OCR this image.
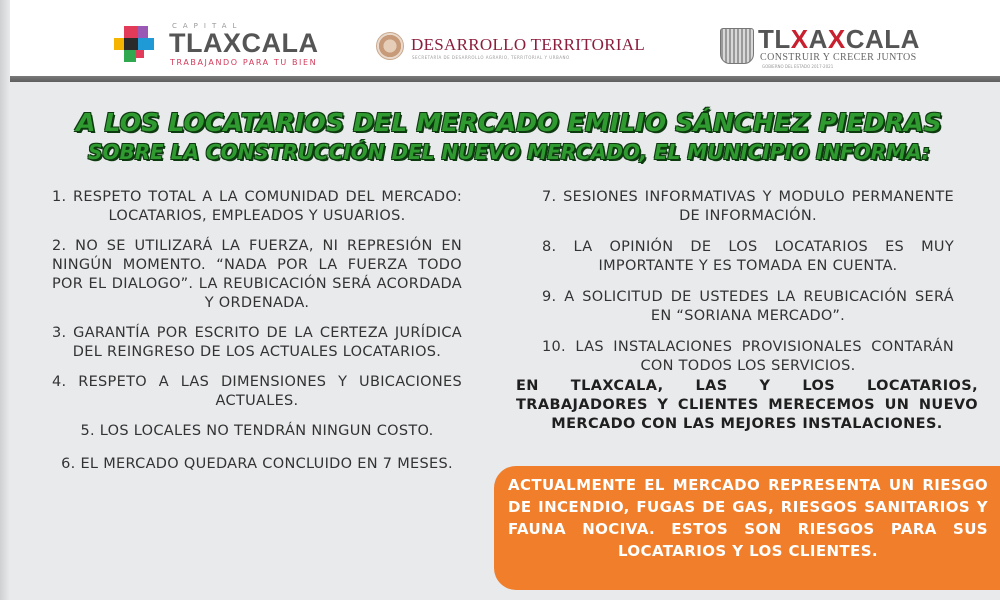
CAPITAL
TLAXCALA
TRABAJANDO PARA TU BIEN
DESARROLLO TERRITORIAL
SECRETARÍA DE DESARROLLO AGRARIO, TERRITORIAL Y URBANO
TLXAXCALA
CONSTRUIR Y CRECER JUNTOS
GOBIERNO DEL ESTADO 2017-2021
A LOS LOCATARIOS DEL MERCADO EMILIO SÁNCHEZ PIEDRAS
SOBRE LA CONSTRUCCIÓN DEL NUEVO MERCADO, EL MUNICIPIO INFORMA:
1. RESPETO TOTAL A LA COMUNIDAD DEL MERCADO: LOCATARIOS, EMPLEADOS Y USUARIOS.
2. NO SE UTILIZARÁ LA FUERZA, NI REPRESIÓN EN NINGÚN MOMENTO. “NADA POR LA FUERZA TODO POR EL DIALOGO”. LA REUBICACIÓN SERÁ ACORDADA Y ORDENADA.
3. GARANTÍA POR ESCRITO DE LA CERTEZA JURÍDICA DEL REINGRESO DE LOS ACTUALES LOCATARIOS.
4. RESPETO A LAS DIMENSIONES Y UBICACIONES ACTUALES.
5. LOS LOCALES NO TENDRÁN NINGUN COSTO.
6. EL MERCADO QUEDARA CONCLUIDO EN 7 MESES.
7. SESIONES INFORMATIVAS Y MODULO PERMANENTE DE INFORMACIÓN.
8. LA OPINIÓN DE LOS LOCATARIOS ES MUY IMPORTANTE Y ES TOMADA EN CUENTA.
9. A SOLICITUD DE USTEDES LA REUBICACIÓN SERÁ EN “SORIANA MERCADO”.
10. LAS INSTALACIONES PROVISIONALES CONTARÁN CON TODOS LOS SERVICIOS.
EN TLAXCALA, LAS Y LOS LOCATARIOS, TRABAJADORES Y CLIENTES MERECEMOS UN NUEVO MERCADO CON LAS MEJORES INSTALACIONES.
ACTUALMENTE EL MERCADO REPRESENTA UN RIESGO DE INCENDIO, FUGAS DE GAS, RIESGOS SANITARIOS Y FAUNA NOCIVA. ESTOS SON RIESGOS PARA SUS LOCATARIOS Y LOS CLIENTES.
